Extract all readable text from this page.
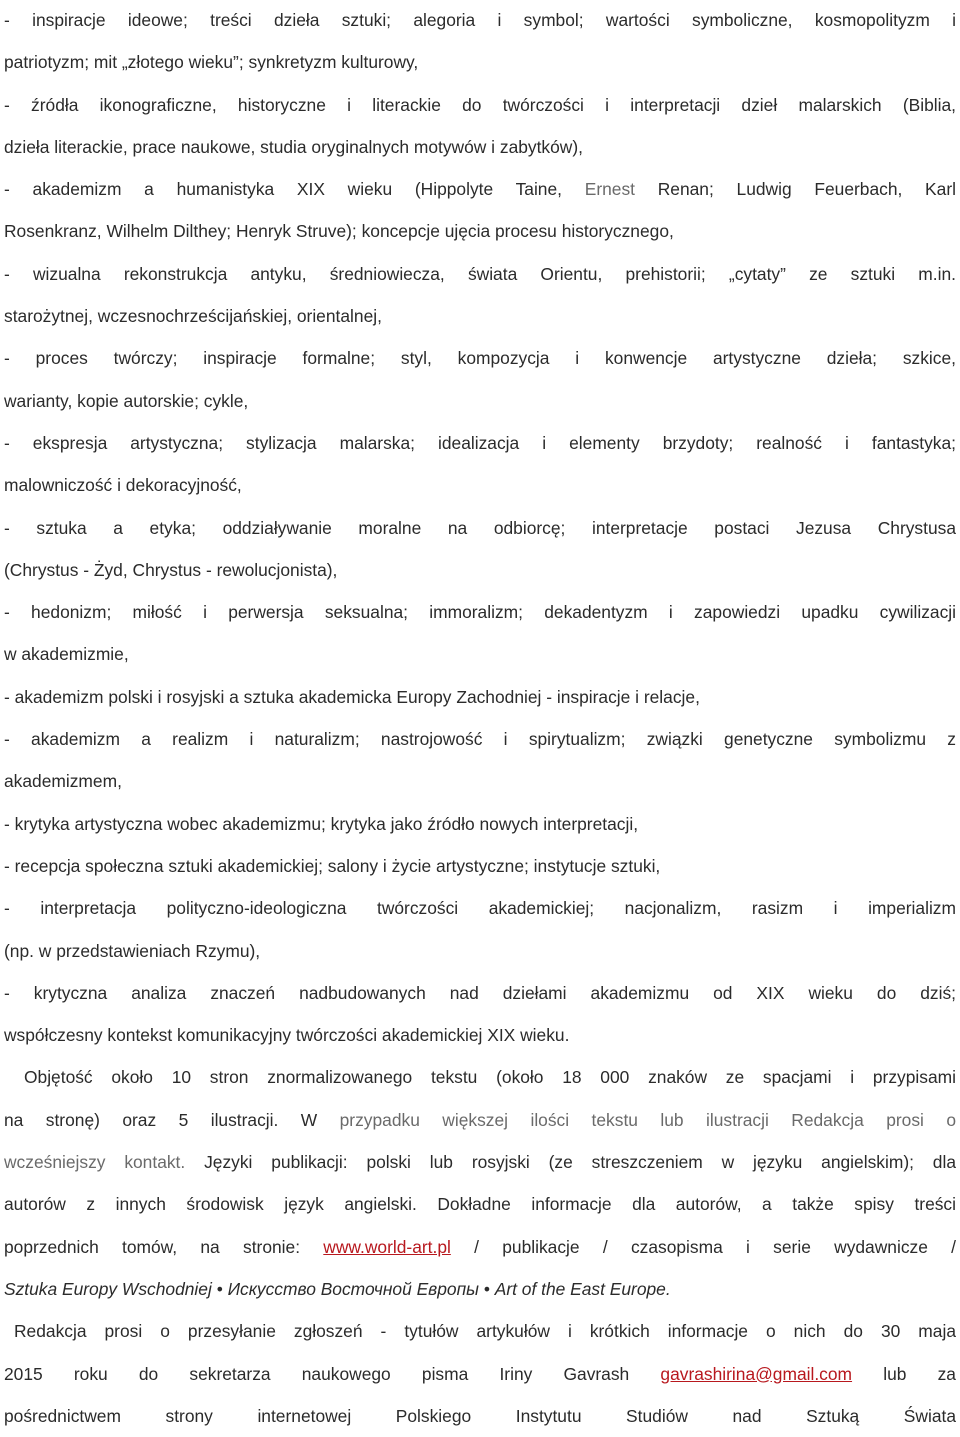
- inspiracje ideowe; treści dzieła sztuki; alegoria i symbol; wartości symboliczne, kosmopolityzm i
patriotyzm; mit „złotego wieku”; synkretyzm kulturowy,
- źródła ikonograficzne, historyczne i literackie do twórczości i interpretacji dzieł malarskich (Biblia,
dzieła literackie, prace naukowe, studia oryginalnych motywów i zabytków),
- akademizm a humanistyka XIX wieku (Hippolyte Taine, Ernest Renan; Ludwig Feuerbach, Karl
Rosenkranz, Wilhelm Dilthey; Henryk Struve); koncepcje ujęcia procesu historycznego,
- wizualna rekonstrukcja antyku, średniowiecza, świata Orientu, prehistorii; „cytaty” ze sztuki m.in.
starożytnej, wczesnochrześcijańskiej, orientalnej,
- proces twórczy; inspiracje formalne; styl, kompozycja i konwencje artystyczne dzieła; szkice,
warianty, kopie autorskie; cykle,
- ekspresja artystyczna; stylizacja malarska; idealizacja i elementy brzydoty; realność i fantastyka;
malowniczość i dekoracyjność,
- sztuka a etyka; oddziaływanie moralne na odbiorcę; interpretacje postaci Jezusa Chrystusa
(Chrystus - Żyd, Chrystus - rewolucjonista),
- hedonizm; miłość i perwersja seksualna; immoralizm; dekadentyzm i zapowiedzi upadku cywilizacji
w akademizmie,
- akademizm polski i rosyjski a sztuka akademicka Europy Zachodniej - inspiracje i relacje,
- akademizm a realizm i naturalizm; nastrojowość i spirytualizm; związki genetyczne symbolizmu z
akademizmem,
- krytyka artystyczna wobec akademizmu; krytyka jako źródło nowych interpretacji,
- recepcja społeczna sztuki akademickiej; salony i życie artystyczne; instytucje sztuki,
- interpretacja polityczno-ideologiczna twórczości akademickiej; nacjonalizm, rasizm i imperializm
(np. w przedstawieniach Rzymu),
- krytyczna analiza znaczeń nadbudowanych nad dziełami akademizmu od XIX wieku do dziś;
współczesny kontekst komunikacyjny twórczości akademickiej XIX wieku.
Objętość około 10 stron znormalizowanego tekstu (około 18 000 znaków ze spacjami i przypisami
na stronę) oraz 5 ilustracji. W przypadku większej ilości tekstu lub ilustracji Redakcja prosi o
wcześniejszy kontakt. Języki publikacji: polski lub rosyjski (ze streszczeniem w języku angielskim); dla
autorów z innych środowisk język angielski. Dokładne informacje dla autorów, a także spisy treści
poprzednich tomów, na stronie: www.world-art.pl / publikacje / czasopisma i serie wydawnicze /
Sztuka Europy Wschodniej • Искусство Восточной Европы • Art of the East Europe.
Redakcja prosi o przesyłanie zgłoszeń - tytułów artykułów i krótkich informacje o nich do 30 maja
2015 roku do sekretarza naukowego pisma Iriny Gavrash gavrashirina@gmail.com lub za
pośrednictwem strony internetowej Polskiego Instytutu Studiów nad Sztuką Świata
